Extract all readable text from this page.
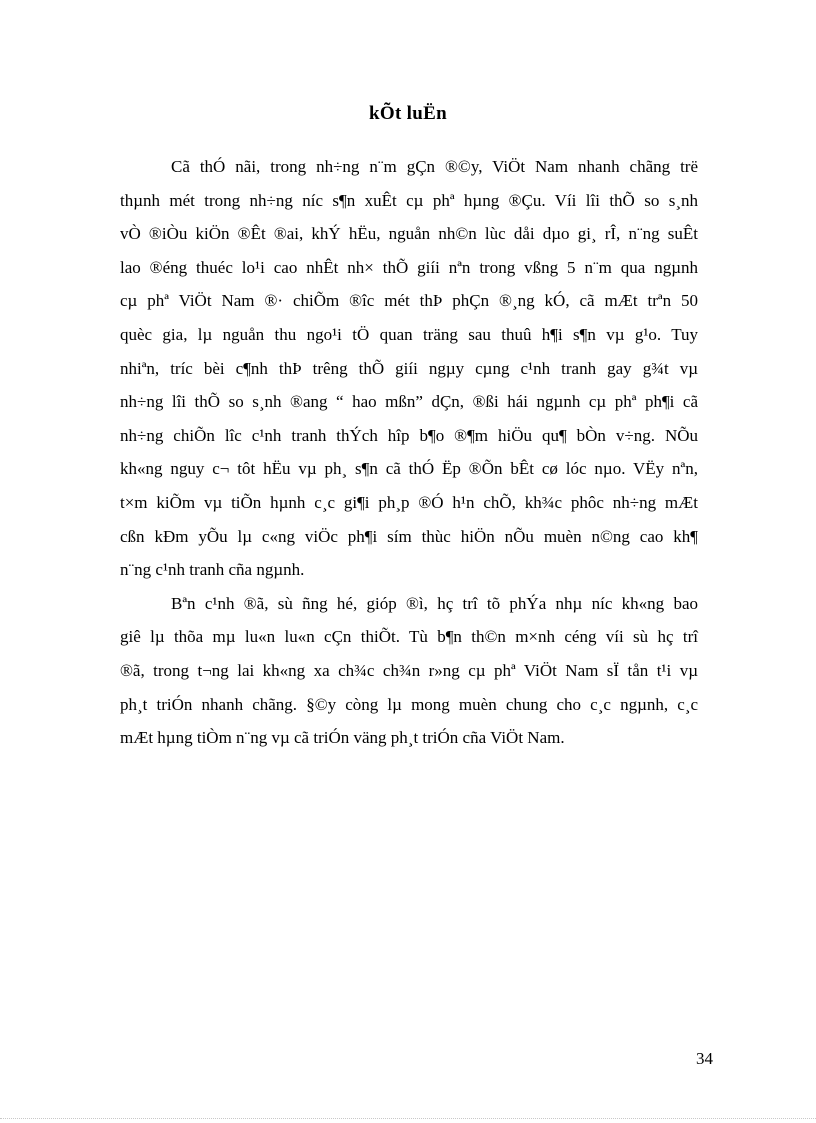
kÕt luËn
Cã thÓ nãi, trong nh÷ng n¨m gÇn ®©y, ViÖt Nam nhanh chãng trë
thµnh mét trong nh÷ng níc s¶n xuÊt cµ phª hµng ®Çu. Víi lîi thÕ so s¸nh
vÒ ®iÒu kiÖn ®Êt ®ai, khÝ hËu, nguån nh©n lùc dåi dµo gi¸ rÎ, n¨ng suÊt
lao ®éng thuéc lo¹i cao nhÊt nh× thÕ giíi nªn trong vßng 5 n¨m qua ngµnh
cµ phª ViÖt Nam ®· chiÕm ®îc mét thÞ phÇn ®¸ng kÓ, cã mÆt trªn 50
quèc gia, lµ nguån thu ngo¹i tÖ quan träng sau thuû h¶i s¶n vµ g¹o. Tuy
nhiªn, tríc bèi c¶nh thÞ trêng thÕ giíi ngµy cµng c¹nh tranh gay g¾t vµ
nh÷ng lîi thÕ so s¸nh ®ang “ hao mßn” dÇn, ®ßi hái ngµnh cµ phª ph¶i cã
nh÷ng chiÕn lîc c¹nh tranh thÝch hîp b¶o ®¶m hiÖu qu¶ bÒn v÷ng. NÕu
kh«ng nguy c¬ tôt hËu vµ ph¸ s¶n cã thÓ Ëp ®Õn bÊt cø lóc nµo. VËy nªn,
t×m kiÕm vµ tiÕn hµnh c¸c gi¶i ph¸p ®Ó h¹n chÕ, kh¾c phôc nh÷ng mÆt
cßn kÐm yÕu lµ c«ng viÖc ph¶i sím thùc hiÖn nÕu muèn n©ng cao kh¶
n¨ng c¹nh tranh cña ngµnh.
Bªn c¹nh ®ã, sù ñng hé, gióp ®ì, hç trî tõ phÝa nhµ níc kh«ng bao
giê lµ thõa mµ lu«n lu«n cÇn thiÕt. Tù b¶n th©n m×nh céng víi sù hç trî
®ã, trong t¬ng lai kh«ng xa ch¾c ch¾n r»ng cµ phª ViÖt Nam sÏ tån t¹i vµ
ph¸t triÓn nhanh chãng. §©y còng lµ mong muèn chung cho c¸c ngµnh, c¸c
mÆt hµng tiÒm n¨ng vµ cã triÓn väng ph¸t triÓn cña ViÖt Nam.
34
